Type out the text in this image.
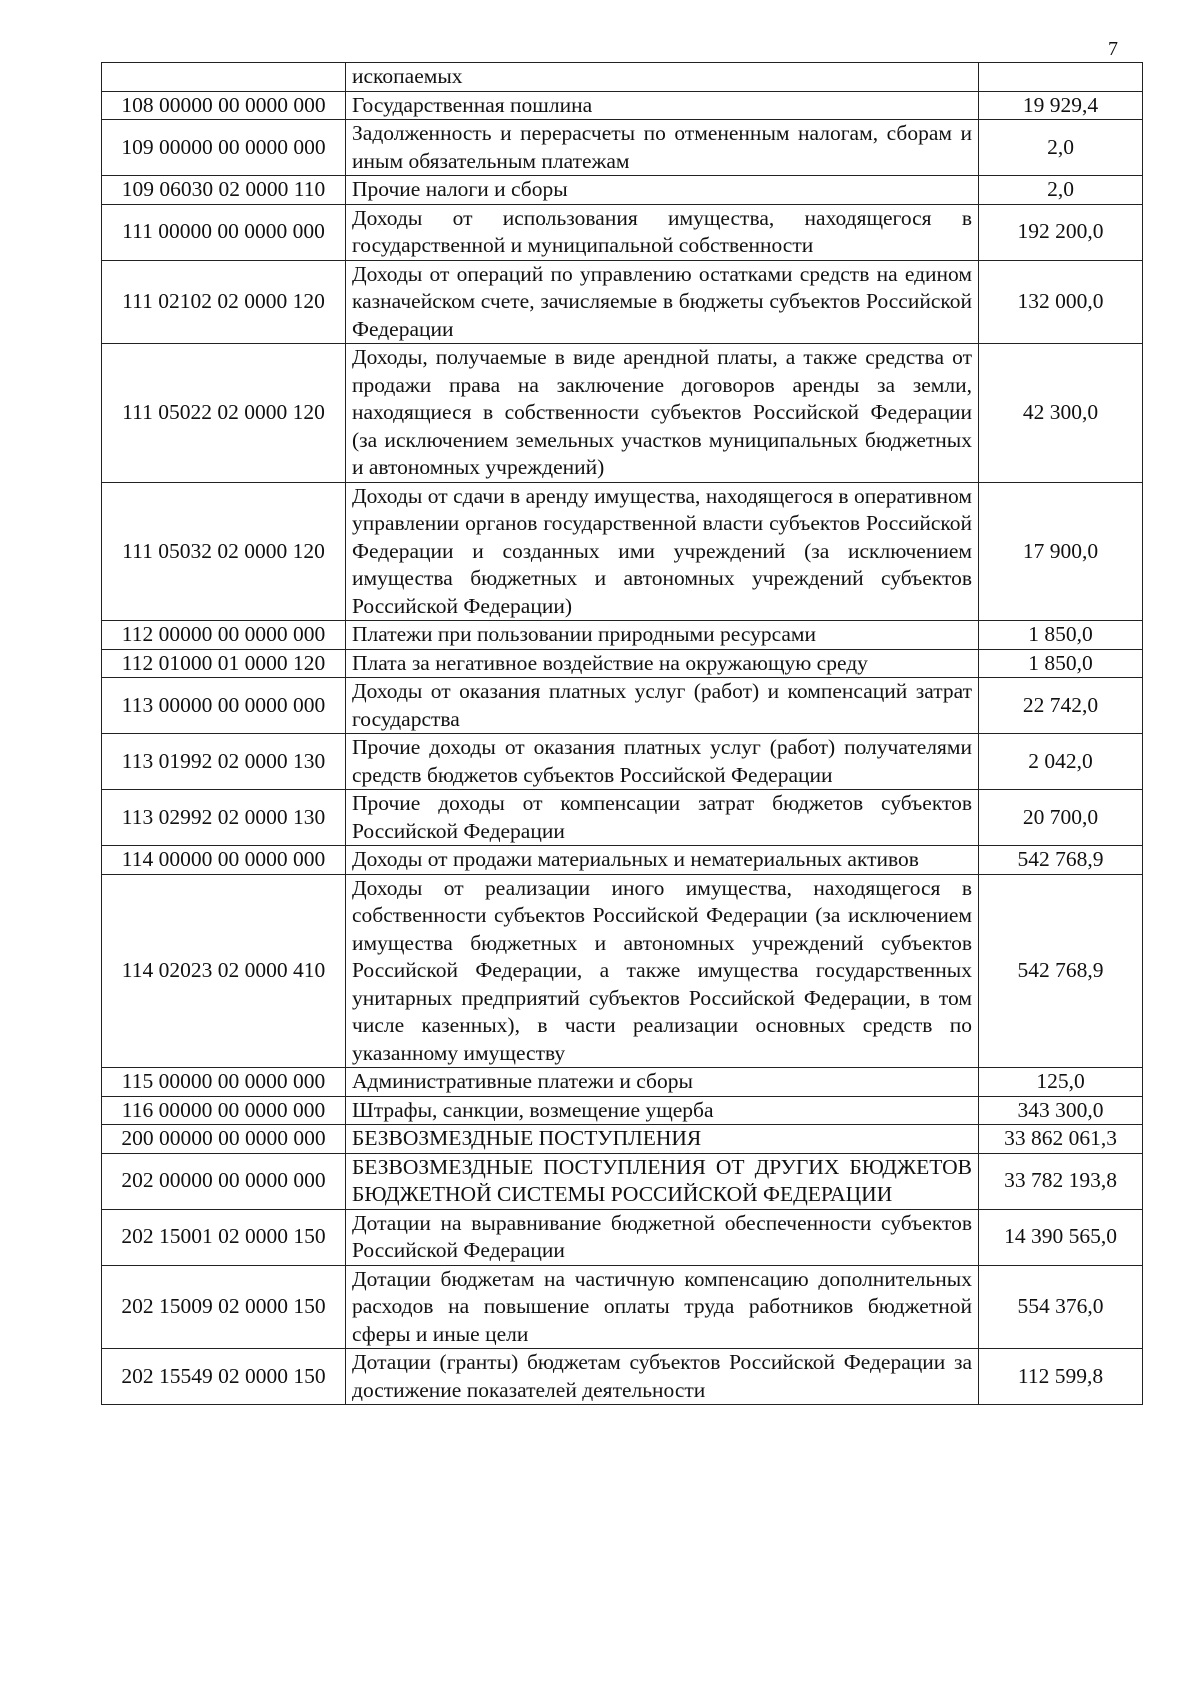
7
	ископаемых	
108 00000 00 0000 000	Государственная пошлина	19 929,4
109 00000 00 0000 000	Задолженность и перерасчеты по отмененным налогам, сборам и иным обязательным платежам	2,0
109 06030 02 0000 110	Прочие налоги и сборы	2,0
111 00000 00 0000 000	Доходы от использования имущества, находящегося в государственной и муниципальной собственности	192 200,0
111 02102 02 0000 120	Доходы от операций по управлению остатками средств на едином казначейском счете, зачисляемые в бюджеты субъектов Российской Федерации	132 000,0
111 05022 02 0000 120	Доходы, получаемые в виде арендной платы, а также средства от продажи права на заключение договоров аренды за земли, находящиеся в собственности субъектов Российской Федерации (за исключением земельных участков муниципальных бюджетных и автономных учреждений)	42 300,0
111 05032 02 0000 120	Доходы от сдачи в аренду имущества, находящегося в оперативном управлении органов государственной власти субъектов Российской Федерации и созданных ими учреждений (за исключением имущества бюджетных и автономных учреждений субъектов Российской Федерации)	17 900,0
112 00000 00 0000 000	Платежи при пользовании природными ресурсами	1 850,0
112 01000 01 0000 120	Плата за негативное воздействие на окружающую среду	1 850,0
113 00000 00 0000 000	Доходы от оказания платных услуг (работ) и компенсаций затрат государства	22 742,0
113 01992 02 0000 130	Прочие доходы от оказания платных услуг (работ) получателями средств бюджетов субъектов Российской Федерации	2 042,0
113 02992 02 0000 130	Прочие доходы от компенсации затрат бюджетов субъектов Российской Федерации	20 700,0
114 00000 00 0000 000	Доходы от продажи материальных и нематериальных активов	542 768,9
114 02023 02 0000 410	Доходы от реализации иного имущества, находящегося в собственности субъектов Российской Федерации (за исключением имущества бюджетных и автономных учреждений субъектов Российской Федерации, а также имущества государственных унитарных предприятий субъектов Российской Федерации, в том числе казенных), в части реализации основных средств по указанному имуществу	542 768,9
115 00000 00 0000 000	Административные платежи и сборы	125,0
116 00000 00 0000 000	Штрафы, санкции, возмещение ущерба	343 300,0
200 00000 00 0000 000	БЕЗВОЗМЕЗДНЫЕ ПОСТУПЛЕНИЯ	33 862 061,3
202 00000 00 0000 000	БЕЗВОЗМЕЗДНЫЕ ПОСТУПЛЕНИЯ ОТ ДРУГИХ БЮДЖЕТОВ БЮДЖЕТНОЙ СИСТЕМЫ РОССИЙСКОЙ ФЕДЕРАЦИИ	33 782 193,8
202 15001 02 0000 150	Дотации на выравнивание бюджетной обеспеченности субъектов Российской Федерации	14 390 565,0
202 15009 02 0000 150	Дотации бюджетам на частичную компенсацию дополнительных расходов на повышение оплаты труда работников бюджетной сферы и иные цели	554 376,0
202 15549 02 0000 150	Дотации (гранты) бюджетам субъектов Российской Федерации за достижение показателей деятельности	112 599,8
